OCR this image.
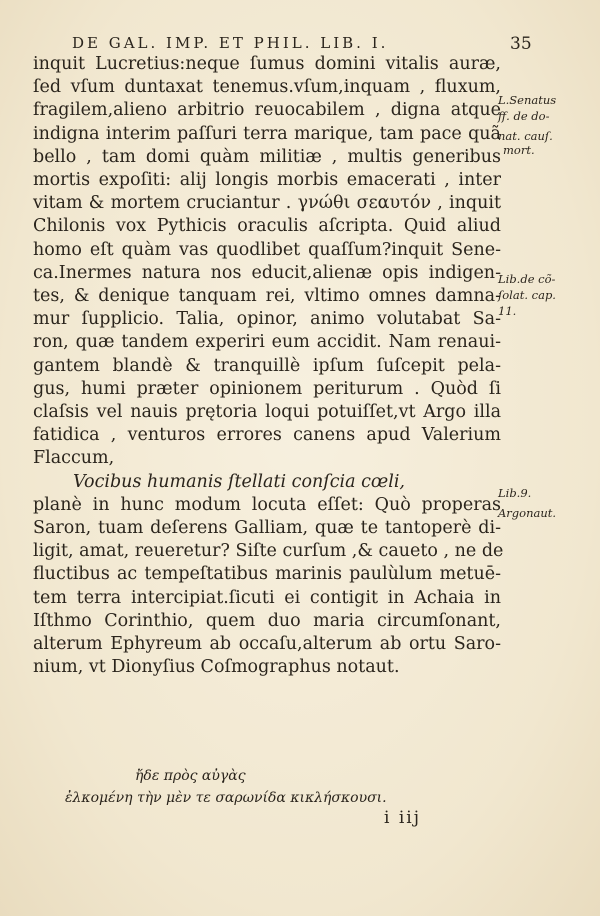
DE GAL. IMP. ET PHIL. LIB. I.	35
inquit Lucretius:neque ſumus domini vitalis auræ,
ſed vſum duntaxat tenemus.vſum,inquam , fluxum,
fragilem,alieno arbitrio reuocabilem , digna atque
indigna interim paſſuri terra marique, tam pace quã
bello , tam domi quàm militiæ , multis generibus
mortis expoſiti: alij longis morbis emacerati , inter
vitam & mortem cruciantur . γνώθι σεαυτόν , inquit
Chilonis vox Pythicis oraculis aſcripta. Quid aliud
homo eſt quàm vas quodlibet quaſſum?inquit Sene-
ca.Inermes natura nos educit,alienæ opis indigen-
tes, & denique tanquam rei, vltimo omnes damna-
mur ſupplicio. Talia, opinor, animo volutabat Sa-
ron, quæ tandem experiri eum accidit. Nam renaui-
gantem blandè & tranquillè ipſum ſuſcepit pela-
gus, humi præter opinionem periturum . Quòd ſi
claſsis vel nauis prętoria loqui potuiſſet,vt Argo illa
fatidica , venturos errores canens apud Valerium
Flaccum,
Vocibus humanis ſtellati conſcia cœli,
planè in hunc modum locuta eſſet: Quò properas
Saron, tuam deſerens Galliam, quæ te tantoperè di-
ligit, amat, reueretur? Siſte curſum ,& caueto , ne de
fluctibus ac tempeſtatibus marinis paulùlum metuē-
tem terra intercipiat.ſicuti ei contigit in Achaia in
Iſthmo Corinthio, quem duo maria circumſonant,
alterum Ephyreum ab occaſu,alterum ab ortu Saro-
nium, vt Dionyſius Coſmographus notaut.
L.Senatus
ff. de do-
nat. cauſ.
mort.
Lib.de cõ-
ſolat. cap.
11.
Lib.9.
Argonaut.
ἤδε πρὸς αὐγὰς
ἐλκομένη τὴν μὲν τε σαρωνίδα κικλήσκουσι.
i iij
